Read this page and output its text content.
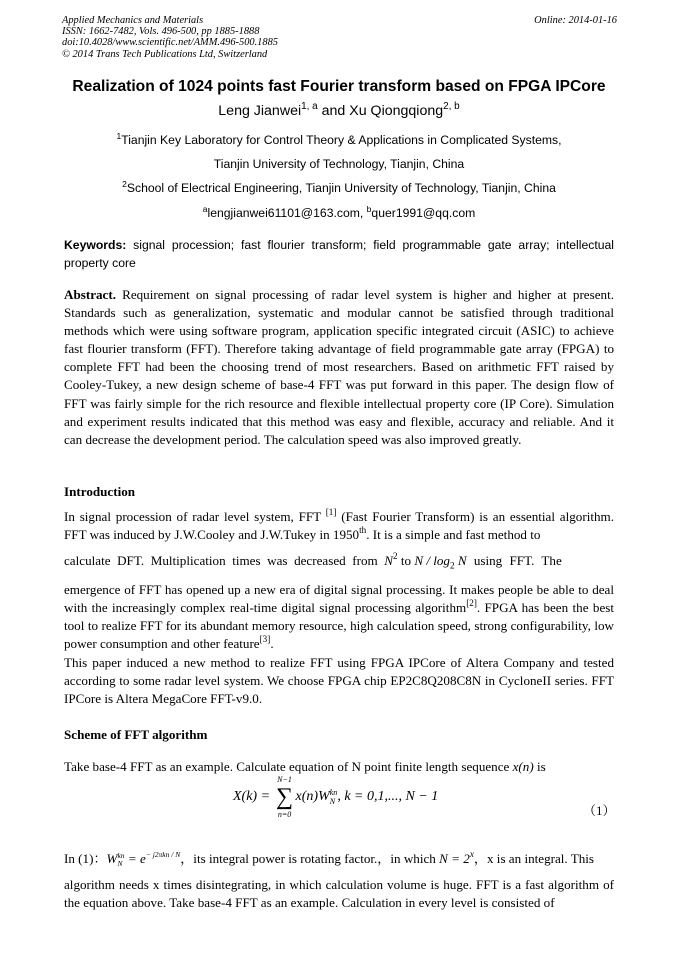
Applied Mechanics and Materials
ISSN: 1662-7482, Vols. 496-500, pp 1885-1888
doi:10.4028/www.scientific.net/AMM.496-500.1885
© 2014 Trans Tech Publications Ltd, Switzerland
Online: 2014-01-16
Realization of 1024 points fast Fourier transform based on FPGA IPCore
Leng Jianwei$^{1, a}$ and Xu Qiongqiong$^{2, b}$
$^1$Tianjin Key Laboratory for Control Theory & Applications in Complicated Systems,
Tianjin University of Technology, Tianjin, China
$^2$School of Electrical Engineering, Tianjin University of Technology, Tianjin, China
$^a$lengjianwei61101@163.com, $^b$quer1991@qq.com
Keywords: signal procession; fast flourier transform; field programmable gate array; intellectual property core
Abstract. Requirement on signal processing of radar level system is higher and higher at present. Standards such as generalization, systematic and modular cannot be satisfied through traditional methods which were using software program, application specific integrated circuit (ASIC) to achieve fast flourier transform (FFT). Therefore taking advantage of field programmable gate array (FPGA) to complete FFT had been the choosing trend of most researchers. Based on arithmetic FFT raised by Cooley-Tukey, a new design scheme of base-4 FFT was put forward in this paper. The design flow of FFT was fairly simple for the rich resource and flexible intellectual property core (IP Core). Simulation and experiment results indicated that this method was easy and flexible, accuracy and reliable. And it can decrease the development period. The calculation speed was also improved greatly.
Introduction
In signal procession of radar level system, FFT [1] (Fast Fourier Transform) is an essential algorithm. FFT was induced by J.W.Cooley and J.W.Tukey in 1950th. It is a simple and fast method to
calculate DFT. Multiplication times was decreased from $N^2$ to N / $\log_2 N$ using FFT. The
emergence of FFT has opened up a new era of digital signal processing. It makes people be able to deal with the increasingly complex real-time digital signal processing algorithm[2]. FPGA has been the best tool to realize FFT for its abundant memory resource, high calculation speed, strong configurability, low power consumption and other feature[3].
This paper induced a new method to realize FFT using FPGA IPCore of Altera Company and tested according to some radar level system. We choose FPGA chip EP2C8Q208C8N in CycloneII series. FFT IPCore is Altera MegaCore FFT-v9.0.
Scheme of FFT algorithm
Take base-4 FFT as an example. Calculate equation of N point finite length sequence x(n) is
X(k) =
N−1
∑
n=0
x(n)W kn
N , k = 0,1,..., N − 1
（1）
In (1)：W kn
$N = e^{- j2\pi kn / N}$，its integral power is rotating factor.，in which $N = 2^x$，x is an integral. This
algorithm needs x times disintegrating, in which calculation volume is huge. FFT is a fast algorithm of the equation above. Take base-4 FFT as an example. Calculation in every level is consisted of
